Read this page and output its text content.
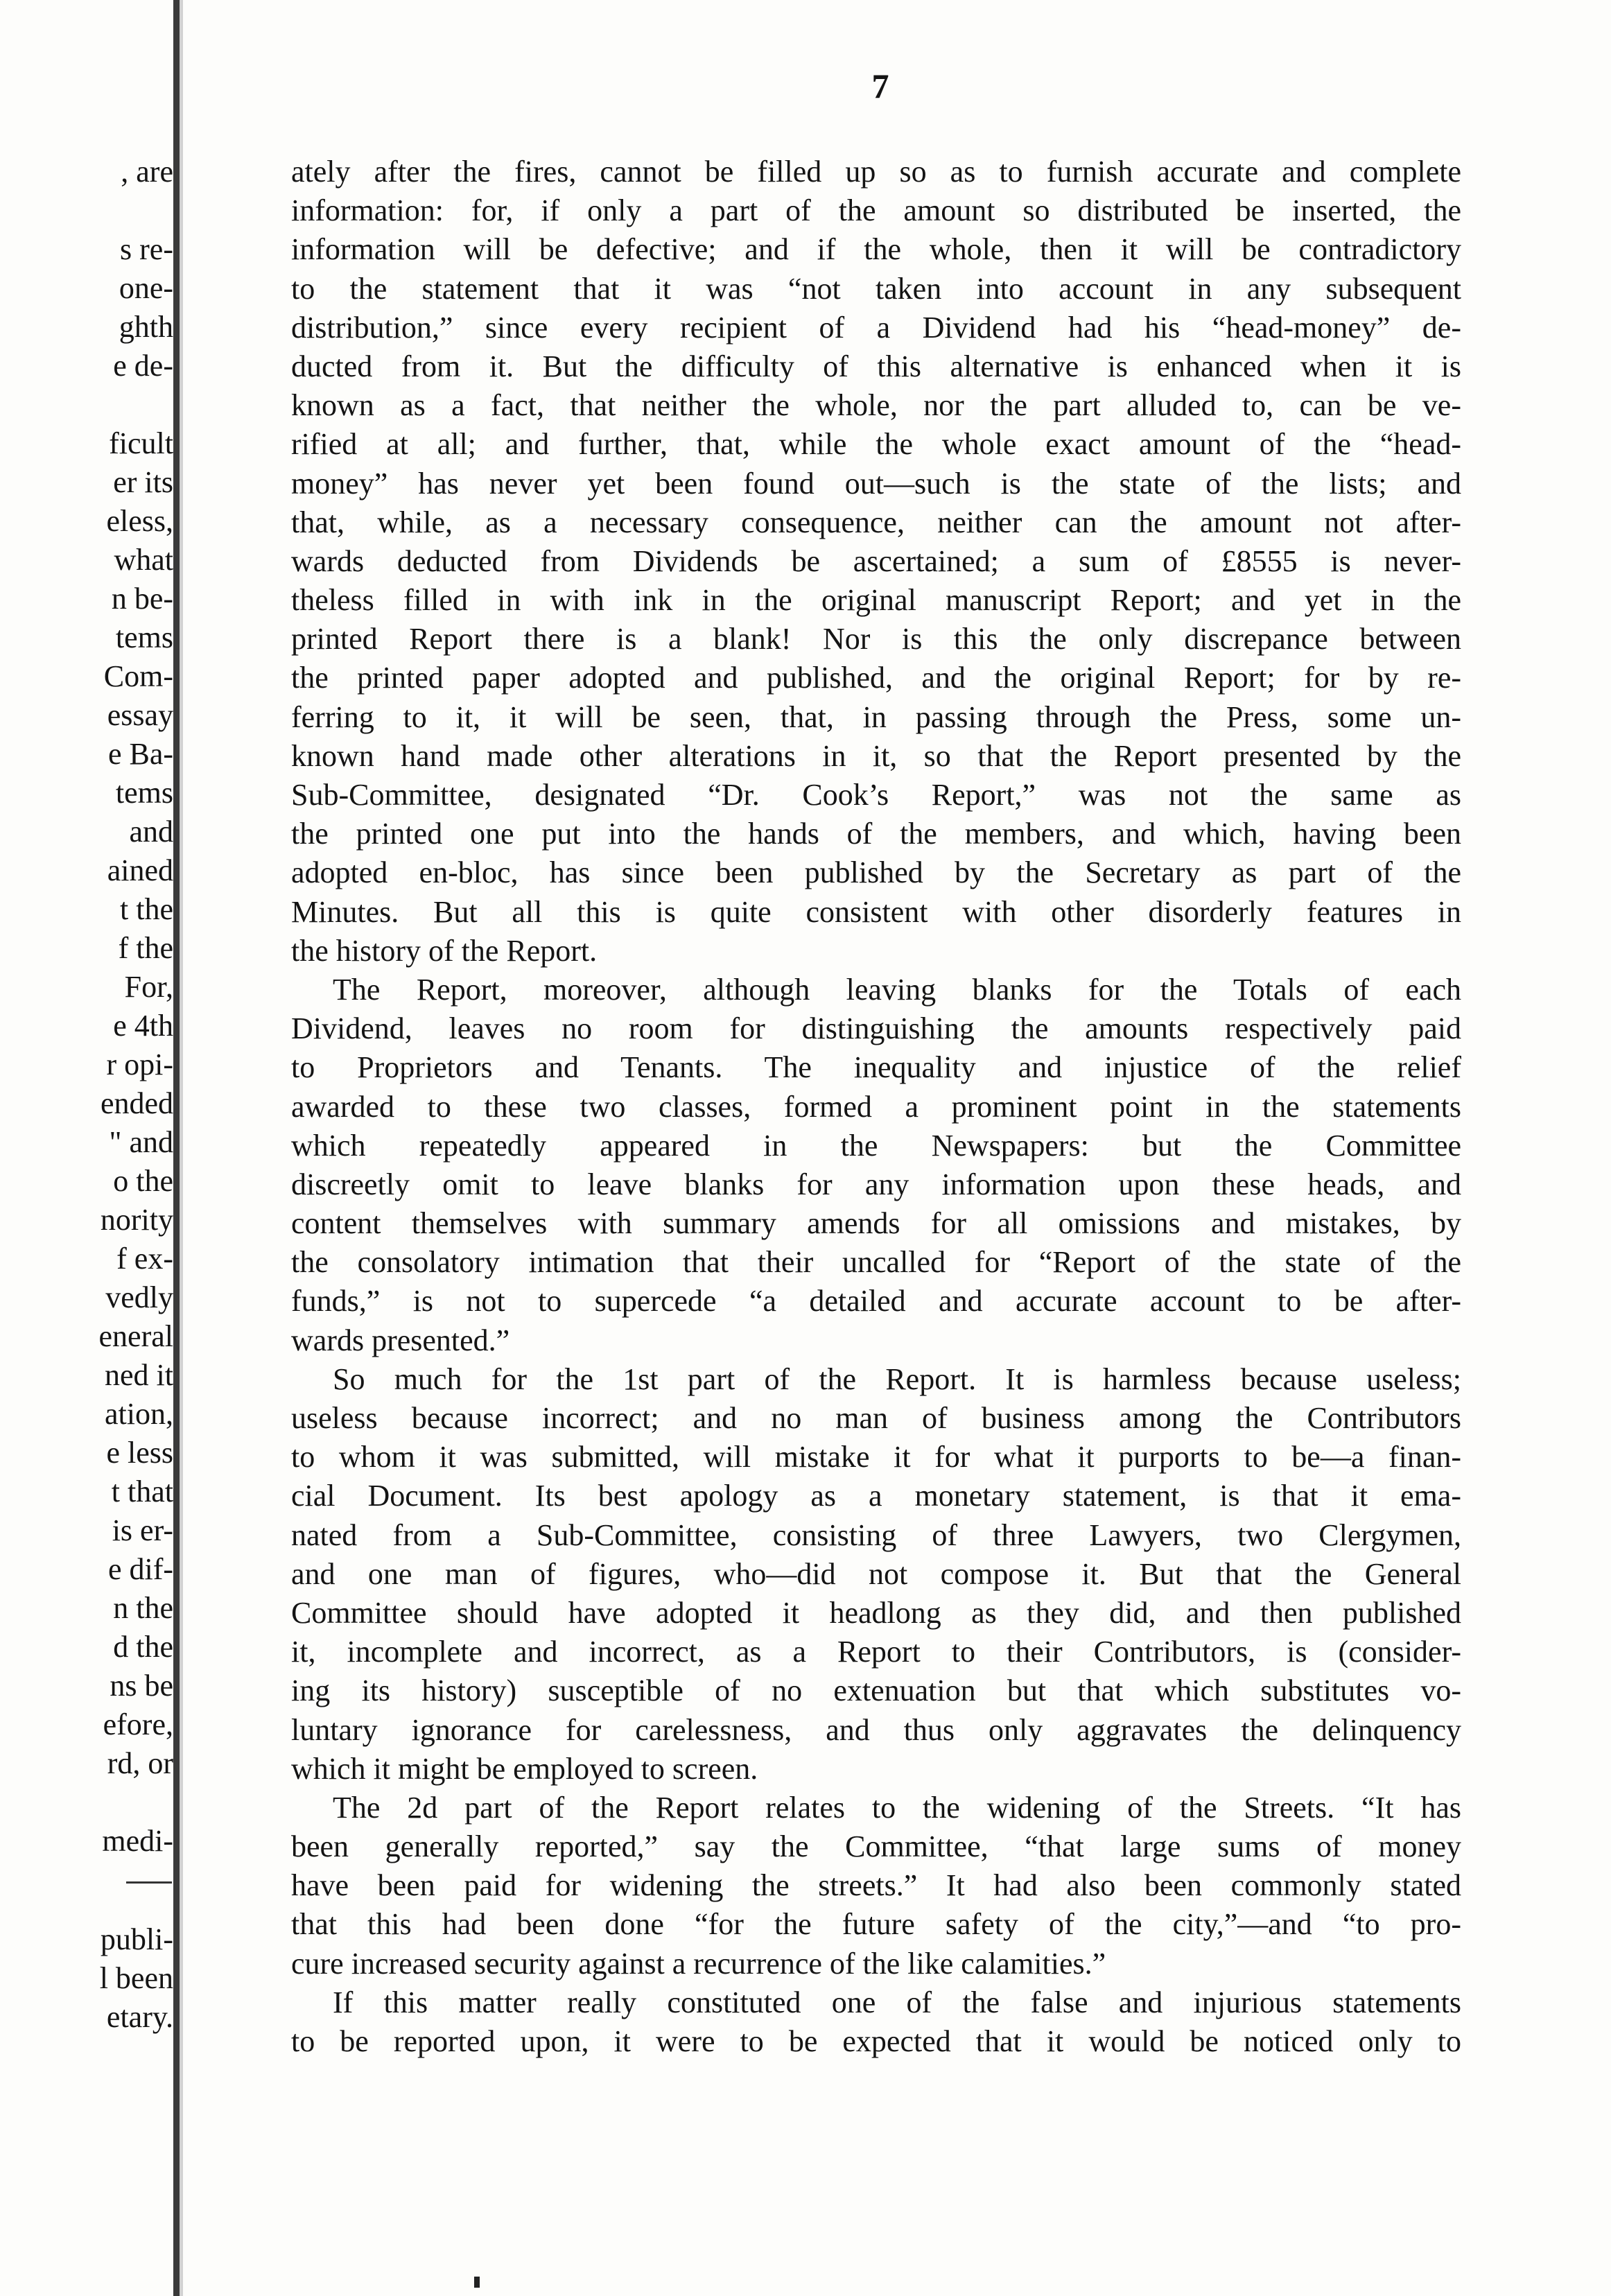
, are
s re-
one-
ghth
e de-
ficult
er its
eless,
what
n be-
tems
Com-
essay
e Ba-
tems
and
ained
t the
f the
For,
e 4th
r opi-
ended
" and
o the
nority
f ex-
vedly
eneral
ned it
ation,
e less
t that
is er-
e dif-
n the
d the
ns be
efore,
rd, or
medi-
publi-
l been
etary.
7
ately after the fires, cannot be filled up so as to furnish accurate and complete
information: for, if only a part of the amount so distributed be inserted, the
information will be defective; and if the whole, then it will be contradictory
to the statement that it was “not taken into account in any subsequent
distribution,” since every recipient of a Dividend had his “head-money” de-
ducted from it. But the difficulty of this alternative is enhanced when it is
known as a fact, that neither the whole, nor the part alluded to, can be ve-
rified at all; and further, that, while the whole exact amount of the “head-
money” has never yet been found out—such is the state of the lists; and
that, while, as a necessary consequence, neither can the amount not after-
wards deducted from Dividends be ascertained; a sum of £8555 is never-
theless filled in with ink in the original manuscript Report; and yet in the
printed Report there is a blank! Nor is this the only discrepance between
the printed paper adopted and published, and the original Report; for by re-
ferring to it, it will be seen, that, in passing through the Press, some un-
known hand made other alterations in it, so that the Report presented by the
Sub-Committee, designated “Dr. Cook’s Report,” was not the same as
the printed one put into the hands of the members, and which, having been
adopted en-bloc, has since been published by the Secretary as part of the
Minutes. But all this is quite consistent with other disorderly features in
the history of the Report.
The Report, moreover, although leaving blanks for the Totals of each
Dividend, leaves no room for distinguishing the amounts respectively paid
to Proprietors and Tenants. The inequality and injustice of the relief
awarded to these two classes, formed a prominent point in the statements
which repeatedly appeared in the Newspapers: but the Committee
discreetly omit to leave blanks for any information upon these heads, and
content themselves with summary amends for all omissions and mistakes, by
the consolatory intimation that their uncalled for “Report of the state of the
funds,” is not to supercede “a detailed and accurate account to be after-
wards presented.”
So much for the 1st part of the Report. It is harmless because useless;
useless because incorrect; and no man of business among the Contributors
to whom it was submitted, will mistake it for what it purports to be—a finan-
cial Document. Its best apology as a monetary statement, is that it ema-
nated from a Sub-Committee, consisting of three Lawyers, two Clergymen,
and one man of figures, who—did not compose it. But that the General
Committee should have adopted it headlong as they did, and then published
it, incomplete and incorrect, as a Report to their Contributors, is (consider-
ing its history) susceptible of no extenuation but that which substitutes vo-
luntary ignorance for carelessness, and thus only aggravates the delinquency
which it might be employed to screen.
The 2d part of the Report relates to the widening of the Streets. “It has
been generally reported,” say the Committee, “that large sums of money
have been paid for widening the streets.” It had also been commonly stated
that this had been done “for the future safety of the city,”—and “to pro-
cure increased security against a recurrence of the like calamities.”
If this matter really constituted one of the false and injurious statements
to be reported upon, it were to be expected that it would be noticed only to
